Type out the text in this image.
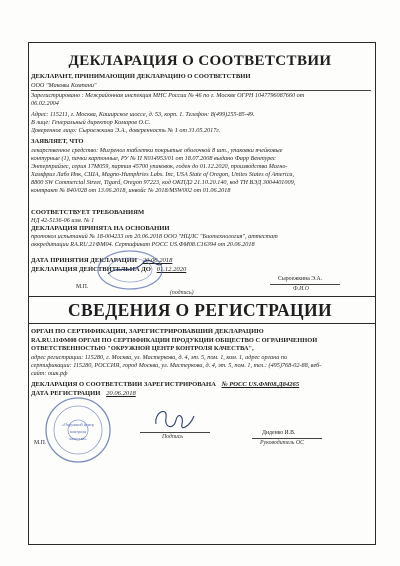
ДЕКЛАРАЦИЯ О СООТВЕТСТВИИ
ДЕКЛАРАНТ, ПРИНИМАЮЩИЙ ДЕКЛАРАЦИЮ О СООТВЕТСТВИИ
ООО "Маковы Компани"
Зарегистрировано : Межрайонная инспекция МНС России № 46 по г. Москве ОГРН 1047796087660 от
06.02.2004
Адрес: 115211, г. Москва, Каширское шоссе, д. 53, корп. 1. Телефон: 8(499)255-85-49.
В лице: Генеральный директор Комаров О.С.
Доверенное лицо: Сыроежкина Э.А., доверенность № 1 от 31.05.2017г.
ЗАЯВЛЯЕТ, ЧТО
лекарственное средство: Мигренол таблетки покрытые оболочкой 8 шт., упаковки ячейковые
контурные (1), пачки картонные, РУ № П N014953/01 от 18.07.2008 выдано Фарр Вентурес
Энтерпрайзес, серия 17М059, партия 45700 упаковок, годен до 01.12.2020, производства Магно-
Хамфриз Лабз Инк, США, Magno-Humphries Labs. Inc, USA State of Oregon, Unites States of America,
8800 SW Commercial Street, Tigard, Oregon 97223, код ОКПД2 21.10.20.140, код ТН ВЭД 3004401009,
контракт № 840/028 от 13.06.2018, инвойс № 2018/MSW002 от 01.06.2018
СООТВЕТСТВУЕТ ТРЕБОВАНИЯМ
НД 42-5136-06 изм. № 1
ДЕКЛАРАЦИЯ ПРИНЯТА НА ОСНОВАНИИ
протокол испытаний № 18-004233 от 20.06.2018 ООО "НЦЛС "Биотехнология", аттестат
аккредитации RA.RU.21ФМ04. Сертификат РОСС US.ФМ08.C16394 от 20.06.2018
ДАТА ПРИНЯТИЯ ДЕКЛАРАЦИИ 20.06.2018
ДЕКЛАРАЦИЯ ДЕЙСТВИТЕЛЬНА ДО 01.12.2020
М.П.
(подпись)
Сыроежкина Э.А.
Ф.И.О
СВЕДЕНИЯ О РЕГИСТРАЦИИ
ОРГАН ПО СЕРТИФИКАЦИИ, ЗАРЕГИСТРИРОВАВШИЙ ДЕКЛАРАЦИЮ
RA.RU.11ФМ08 ОРГАН ПО СЕРТИФИКАЦИИ ПРОДУКЦИИ ОБЩЕСТВО С ОГРАНИЧЕННОЙ
ОТВЕТСТВЕННОСТЬЮ "ОКРУЖНОЙ ЦЕНТР КОНТРОЛЯ КАЧЕСТВА",
адрес регистрации: 115280, г. Москва, ул. Мастеркова, д. 4, эт. 5, пом. 1, ком. 1, адрес органа по
сертификации: 115280, РОССИЯ, город Москва, ул. Мастеркова, д. 4, эт. 5, пом. 1, тел.: (495)768-02-88, веб-
сайт: ошк.рф
ДЕКЛАРАЦИЯ О СООТВЕТСТВИИ ЗАРЕГИСТРИРОВАНА № РОСС US.ФМ08.Д84265
ДАТА РЕГИСТРАЦИИ 20.06.2018
«Окружной центр
контроля
качества»
М.П.
Подпись
Диденко И.В.
Руководитель ОС
